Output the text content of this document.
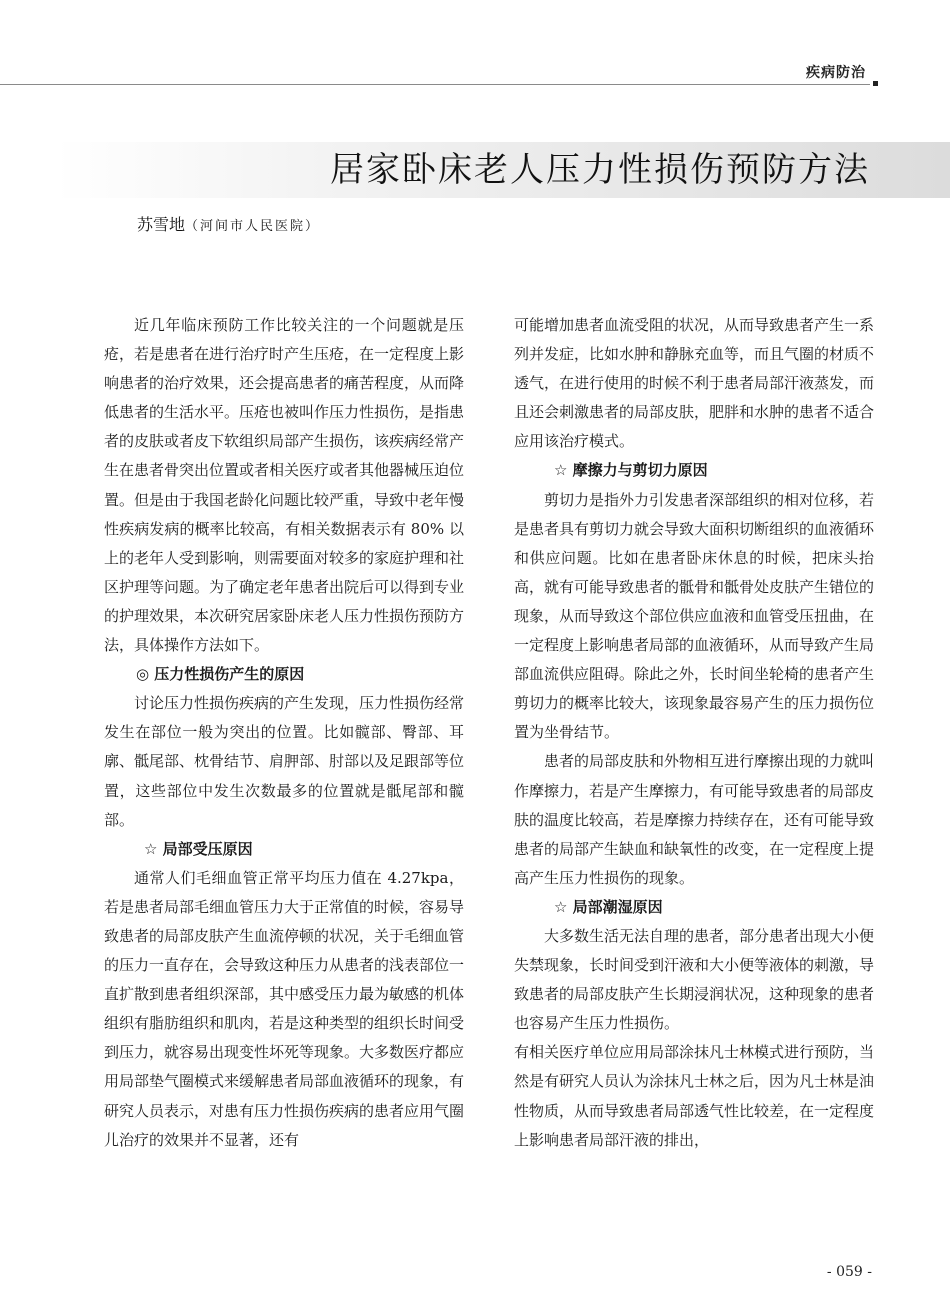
疾病防治
居家卧床老人压力性损伤预防方法
苏雪地（河间市人民医院）

近几年临床预防工作比较关注的一个问题就是压疮，若是患者在进行治疗时产生压疮，在一定程度上影响患者的治疗效果，还会提高患者的痛苦程度，从而降低患者的生活水平。压疮也被叫作压力性损伤，是指患者的皮肤或者皮下软组织局部产生损伤，该疾病经常产生在患者骨突出位置或者相关医疗或者其他器械压迫位置。但是由于我国老龄化问题比较严重，导致中老年慢性疾病发病的概率比较高，有相关数据表示有 80% 以上的老年人受到影响，则需要面对较多的家庭护理和社区护理等问题。为了确定老年患者出院后可以得到专业的护理效果，本次研究居家卧床老人压力性损伤预防方法，具体操作方法如下。

◎ 压力性损伤产生的原因

讨论压力性损伤疾病的产生发现，压力性损伤经常发生在部位一般为突出的位置。比如髋部、臀部、耳廓、骶尾部、枕骨结节、肩胛部、肘部以及足跟部等位置，这些部位中发生次数最多的位置就是骶尾部和髋部。

☆ 局部受压原因

通常人们毛细血管正常平均压力值在 4.27kpa，若是患者局部毛细血管压力大于正常值的时候，容易导致患者的局部皮肤产生血流停顿的状况，关于毛细血管的压力一直存在，会导致这种压力从患者的浅表部位一直扩散到患者组织深部，其中感受压力最为敏感的机体组织有脂肪组织和肌肉，若是这种类型的组织长时间受到压力，就容易出现变性坏死等现象。大多数医疗都应用局部垫气圈模式来缓解患者局部血液循环的现象，有研究人员表示，对患有压力性损伤疾病的患者应用气圈儿治疗的效果并不显著，还有

可能增加患者血流受阻的状况，从而导致患者产生一系列并发症，比如水肿和静脉充血等，而且气圈的材质不透气，在进行使用的时候不利于患者局部汗液蒸发，而且还会刺激患者的局部皮肤，肥胖和水肿的患者不适合应用该治疗模式。

☆ 摩擦力与剪切力原因

剪切力是指外力引发患者深部组织的相对位移，若是患者具有剪切力就会导致大面积切断组织的血液循环和供应问题。比如在患者卧床休息的时候，把床头抬高，就有可能导致患者的骶骨和骶骨处皮肤产生错位的现象，从而导致这个部位供应血液和血管受压扭曲，在一定程度上影响患者局部的血液循环，从而导致产生局部血流供应阻碍。除此之外，长时间坐轮椅的患者产生剪切力的概率比较大，该现象最容易产生的压力损伤位置为坐骨结节。

患者的局部皮肤和外物相互进行摩擦出现的力就叫作摩擦力，若是产生摩擦力，有可能导致患者的局部皮肤的温度比较高，若是摩擦力持续存在，还有可能导致患者的局部产生缺血和缺氧性的改变，在一定程度上提高产生压力性损伤的现象。

☆ 局部潮湿原因

大多数生活无法自理的患者，部分患者出现大小便失禁现象，长时间受到汗液和大小便等液体的刺激，导致患者的局部皮肤产生长期浸润状况，这种现象的患者也容易产生压力性损伤。

有相关医疗单位应用局部涂抹凡士林模式进行预防，当然是有研究人员认为涂抹凡士林之后，因为凡士林是油性物质，从而导致患者局部透气性比较差，在一定程度上影响患者局部汗液的排出，

- 059 -
